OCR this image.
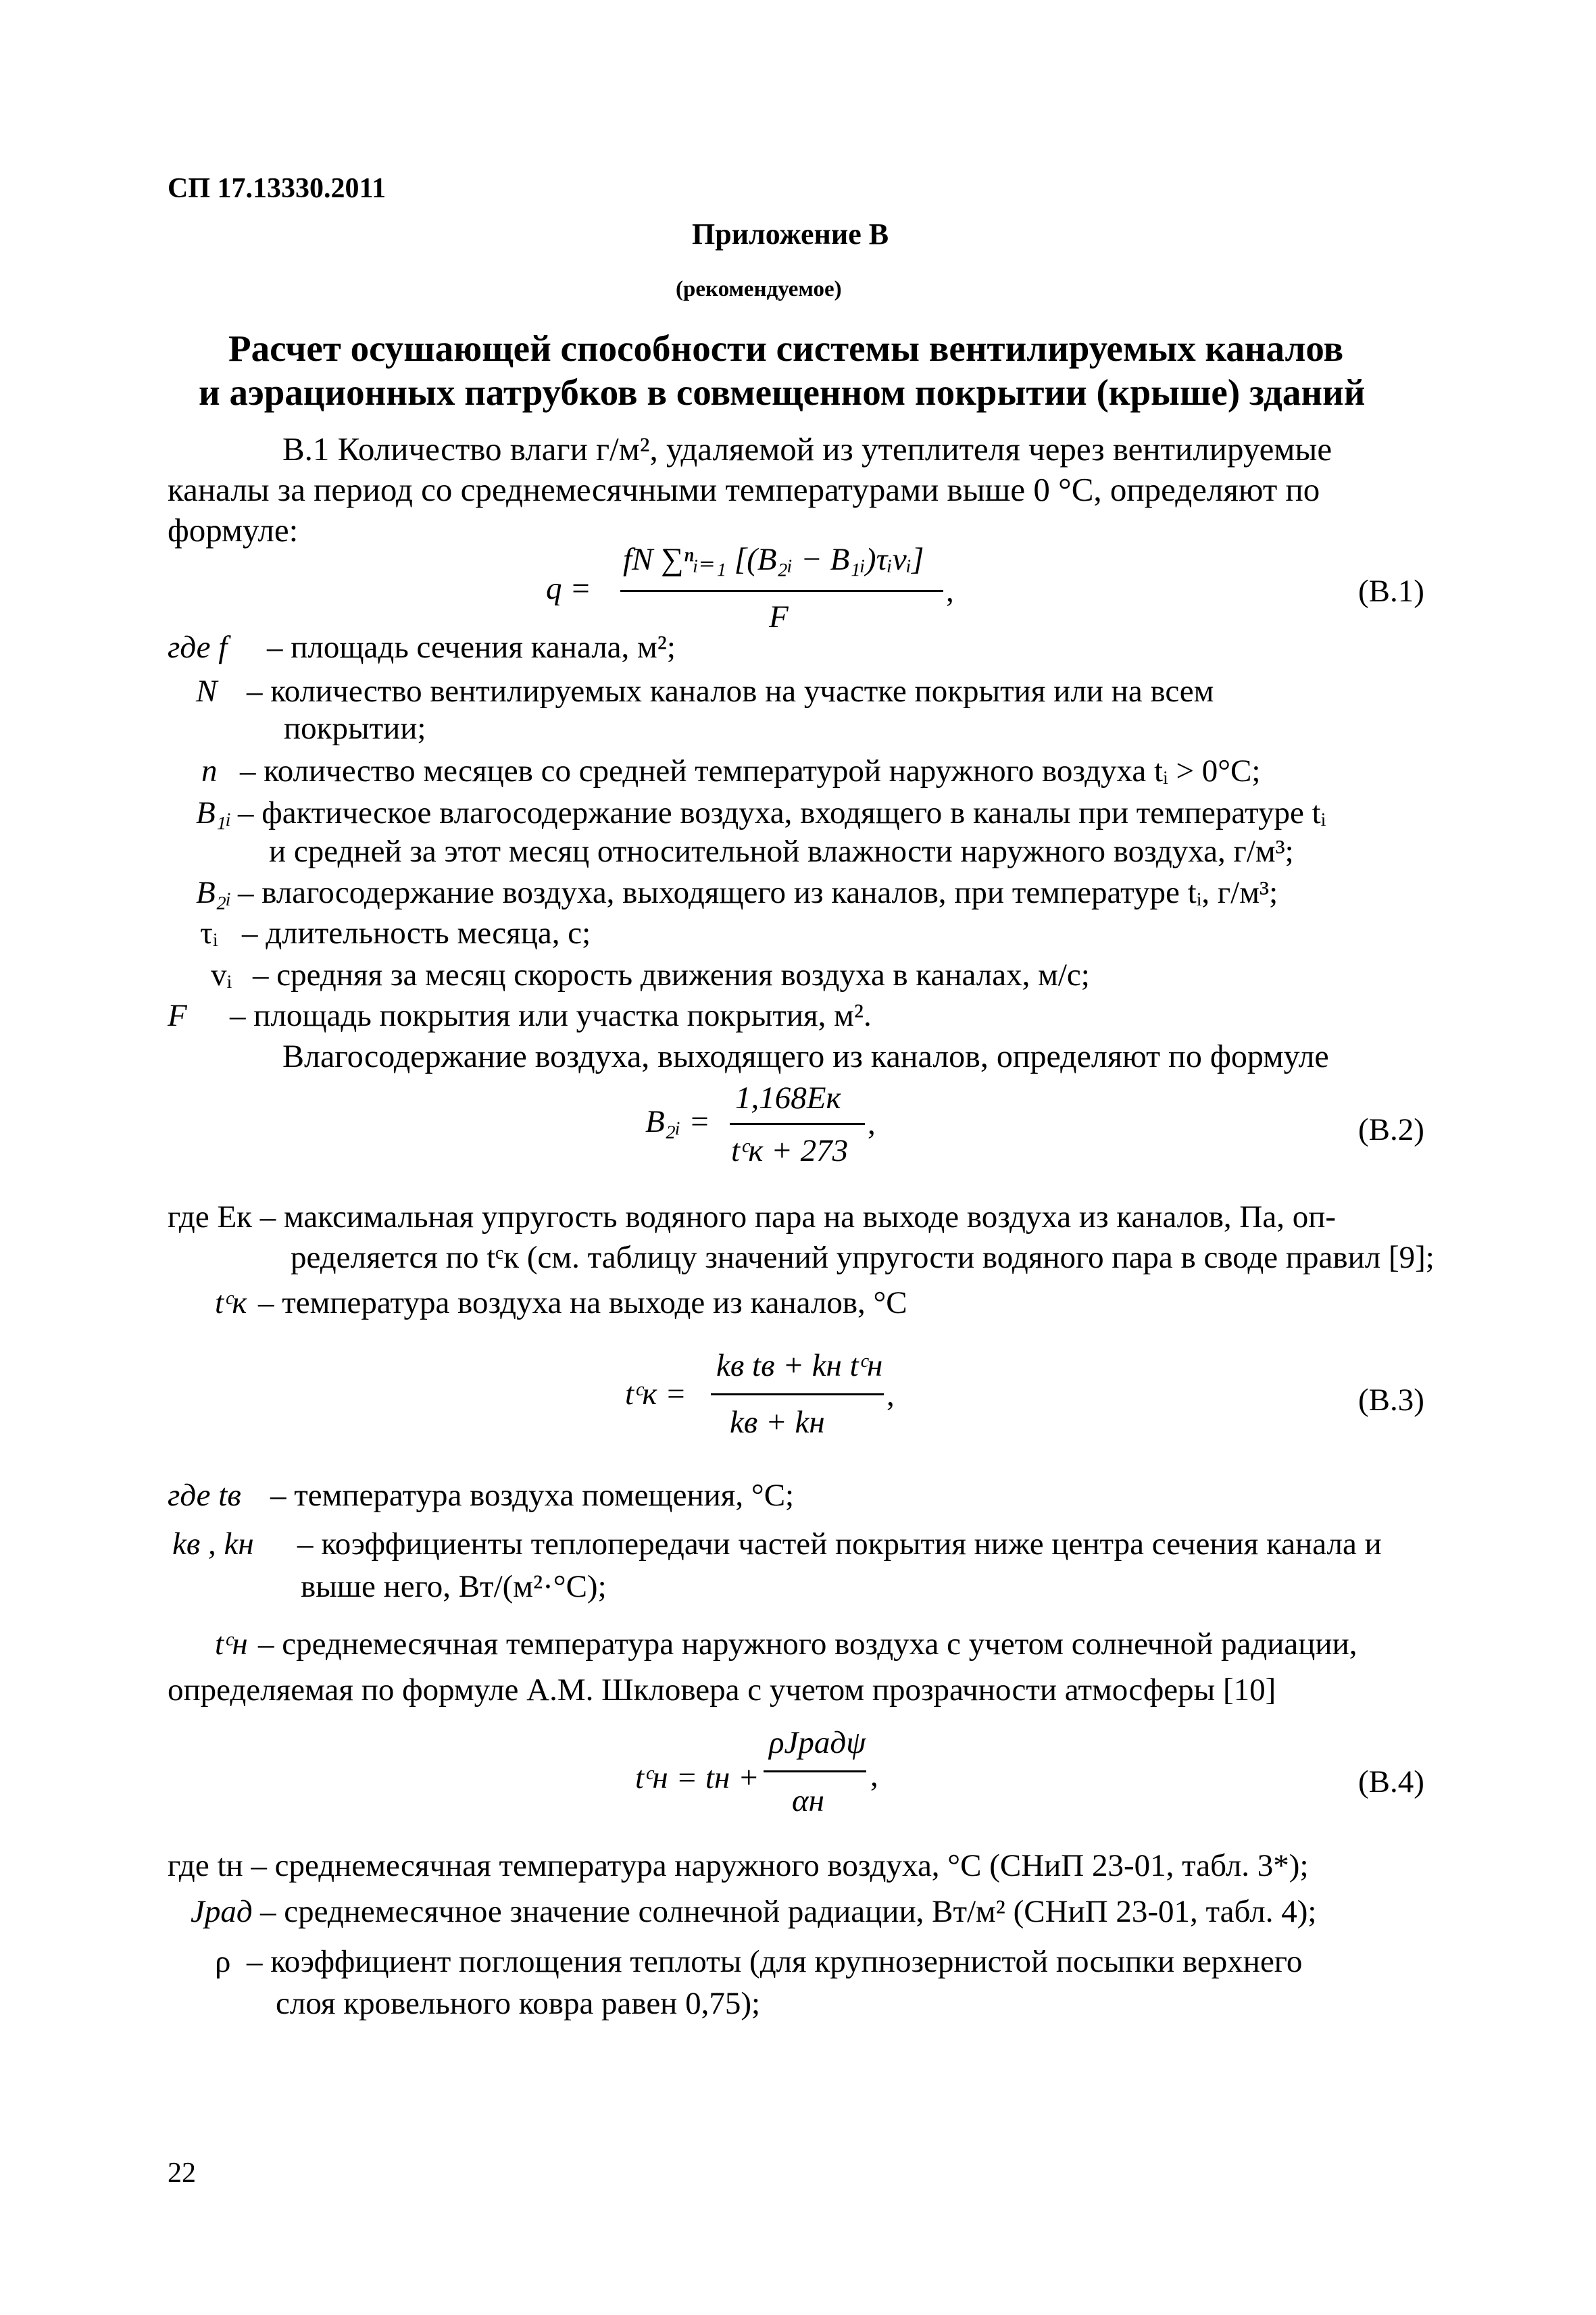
СП 17.13330.2011
Приложение В
(рекомендуемое)
Расчет осушающей способности системы вентилируемых каналов
и аэрационных патрубков в совмещенном покрытии (крыше) зданий
В.1 Количество влаги г/м², удаляемой из утеплителя через вентилируемые
каналы за период со среднемесячными температурами выше 0 °С, определяют по
формуле:
q =
fN ∑ⁿᵢ₌₁ [(B₂ᵢ − B₁ᵢ)τᵢvᵢ]
F
,	(В.1)
где f – площадь сечения канала, м²;
N – количество вентилируемых каналов на участке покрытия или на всем
покрытии;
n – количество месяцев со средней температурой наружного воздуха tᵢ > 0°С;
B₁ᵢ – фактическое влагосодержание воздуха, входящего в каналы при температуре tᵢ
и средней за этот месяц относительной влажности наружного воздуха, г/м³;
B₂ᵢ – влагосодержание воздуха, выходящего из каналов, при температуре tᵢ, г/м³;
τᵢ – длительность месяца, с;
vᵢ – средняя за месяц скорость движения воздуха в каналах, м/с;
F – площадь покрытия или участка покрытия, м².
Влагосодержание воздуха, выходящего из каналов, определяют по формуле
B₂ᵢ =
1,168Eк
tᶜк + 273
,	(В.2)
где Eк – максимальная упругость водяного пара на выходе воздуха из каналов, Па, оп-
ределяется по tᶜк (см. таблицу значений упругости водяного пара в своде правил [9];
tᶜк – температура воздуха на выходе из каналов, °С
tᶜк =
kв tв + kн tᶜн
kв + kн
,	(В.3)
где tв – температура воздуха помещения, °С;
kв , kн – коэффициенты теплопередачи частей покрытия ниже центра сечения канала и
выше него, Вт/(м²·°С);
tᶜн – среднемесячная температура наружного воздуха с учетом солнечной радиации,
определяемая по формуле А.М. Шкловера с учетом прозрачности атмосферы [10]
tᶜн = tн +
ρJрадψ
αн
,	(В.4)
где tн – среднемесячная температура наружного воздуха, °С (СНиП 23-01, табл. 3*);
Jрад – среднемесячное значение солнечной радиации, Вт/м² (СНиП 23-01, табл. 4);
ρ – коэффициент поглощения теплоты (для крупнозернистой посыпки верхнего
слоя кровельного ковра равен 0,75);
22
